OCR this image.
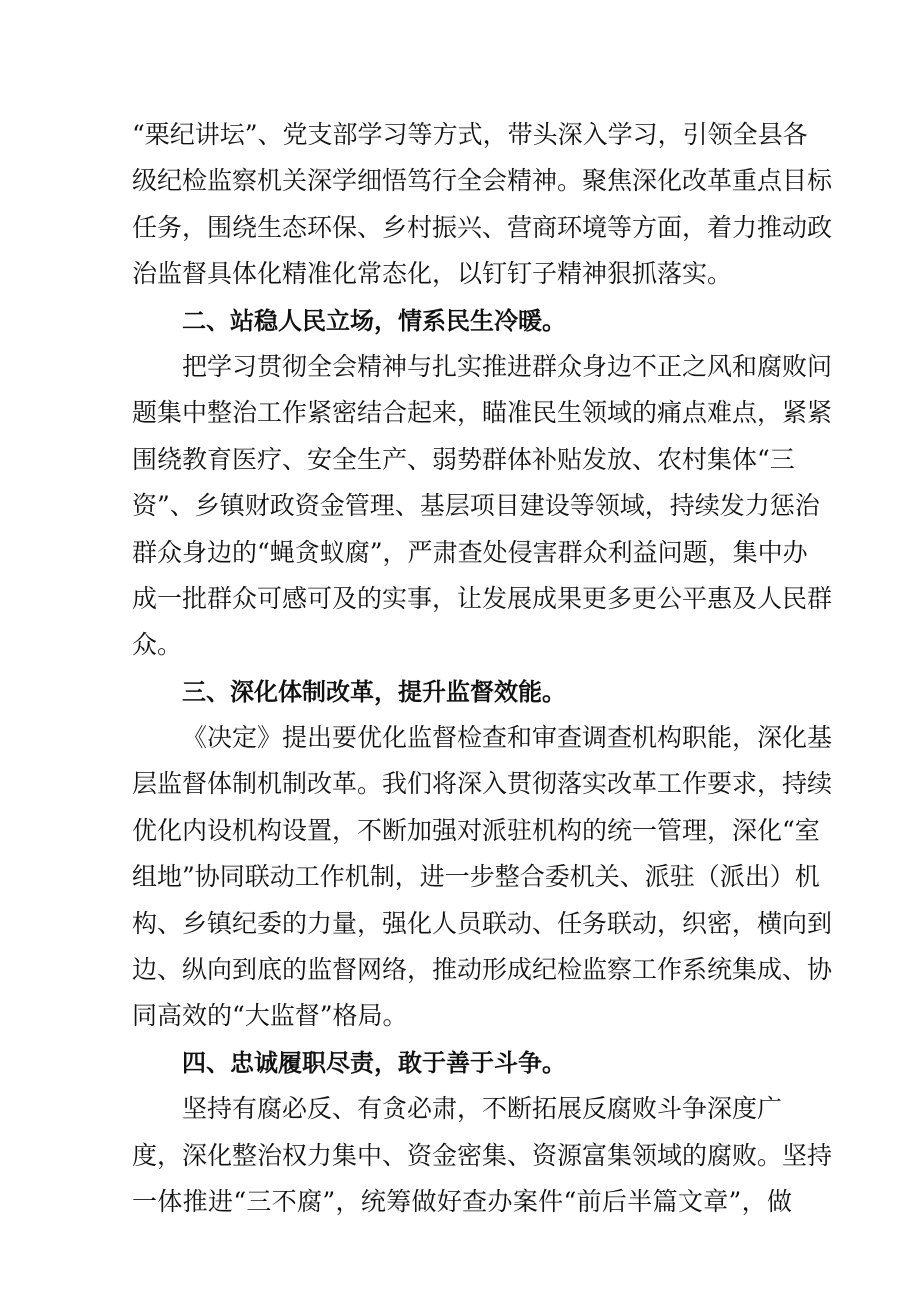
“栗纪讲坛”、党支部学习等方式，带头深入学习，引领全县各
级纪检监察机关深学细悟笃行全会精神。聚焦深化改革重点目标
任务，围绕生态环保、乡村振兴、营商环境等方面，着力推动政
治监督具体化精准化常态化，以钉钉子精神狠抓落实。
二、站稳人民立场，情系民生冷暖。
把学习贯彻全会精神与扎实推进群众身边不正之风和腐败问
题集中整治工作紧密结合起来，瞄准民生领域的痛点难点，紧紧
围绕教育医疗、安全生产、弱势群体补贴发放、农村集体“三
资”、乡镇财政资金管理、基层项目建设等领域，持续发力惩治
群众身边的“蝇贪蚁腐”，严肃查处侵害群众利益问题，集中办
成一批群众可感可及的实事，让发展成果更多更公平惠及人民群
众。
三、深化体制改革，提升监督效能。
《决定》提出要优化监督检查和审查调查机构职能，深化基
层监督体制机制改革。我们将深入贯彻落实改革工作要求，持续
优化内设机构设置，不断加强对派驻机构的统一管理，深化“室
组地”协同联动工作机制，进一步整合委机关、派驻（派出）机
构、乡镇纪委的力量，强化人员联动、任务联动，织密，横向到
边、纵向到底的监督网络，推动形成纪检监察工作系统集成、协
同高效的“大监督”格局。
四、忠诚履职尽责，敢于善于斗争。
坚持有腐必反、有贪必肃，不断拓展反腐败斗争深度广
度，深化整治权力集中、资金密集、资源富集领域的腐败。坚持
一体推进“三不腐”，统筹做好查办案件“前后半篇文章”，做
